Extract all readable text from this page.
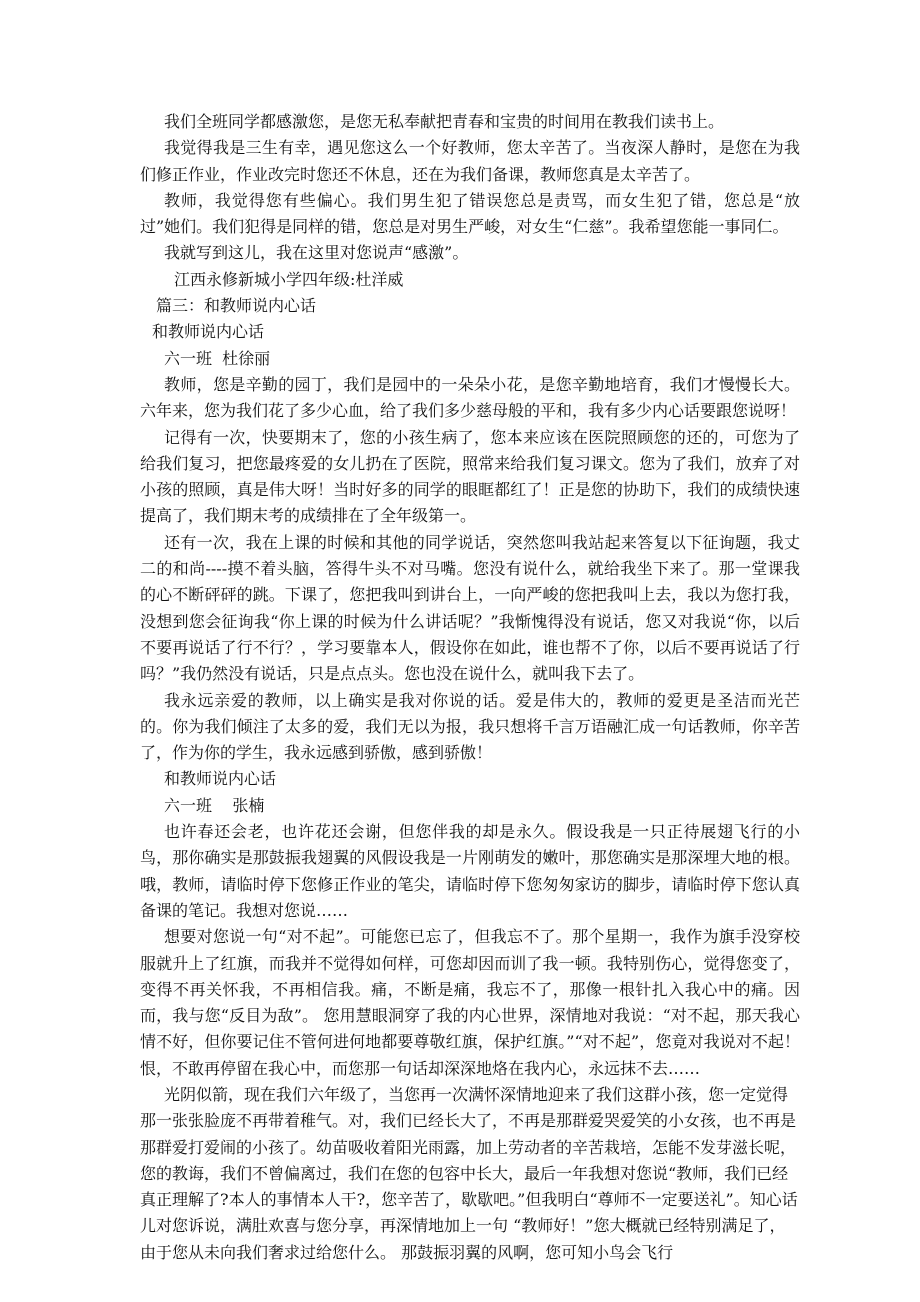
我们全班同学都感激您，是您无私奉献把青春和宝贵的时间用在教我们读书上。

我觉得我是三生有幸，遇见您这么一个好教师，您太辛苦了。当夜深人静时，是您在为我们修正作业，作业改完时您还不休息，还在为我们备课，教师您真是太辛苦了。

教师，我觉得您有些偏心。我们男生犯了错误您总是责骂，而女生犯了错，您总是“放过”她们。我们犯得是同样的错，您总是对男生严峻，对女生“仁慈”。我希望您能一事同仁。

我就写到这儿，我在这里对您说声“感激”。

江西永修新城小学四年级:杜洋威

篇三：和教师说内心话

和教师说内心话

六一班  杜徐丽

教师，您是辛勤的园丁，我们是园中的一朵朵小花，是您辛勤地培育，我们才慢慢长大。六年来，您为我们花了多少心血，给了我们多少慈母般的平和，我有多少内心话要跟您说呀！

记得有一次，快要期末了，您的小孩生病了，您本来应该在医院照顾您的还的，可您为了给我们复习，把您最疼爱的女儿扔在了医院，照常来给我们复习课文。您为了我们，放弃了对小孩的照顾，真是伟大呀！当时好多的同学的眼眶都红了！正是您的协助下，我们的成绩快速提高了，我们期末考的成绩排在了全年级第一。

还有一次，我在上课的时候和其他的同学说话，突然您叫我站起来答复以下征询题，我丈二的和尚----摸不着头脑，答得牛头不对马嘴。您没有说什么，就给我坐下来了。那一堂课我的心不断砰砰的跳。下课了，您把我叫到讲台上，一向严峻的您把我叫上去，我以为您打我，没想到您会征询我“你上课的时候为什么讲话呢？”我惭愧得没有说话，您又对我说“你，以后不要再说话了行不行？，学习要靠本人，假设你在如此，谁也帮不了你，以后不要再说话了行吗？”我仍然没有说话，只是点点头。您也没在说什么，就叫我下去了。

我永远亲爱的教师，以上确实是我对你说的话。爱是伟大的，教师的爱更是圣洁而光芒的。你为我们倾注了太多的爱，我们无以为报，我只想将千言万语融汇成一句话教师，你辛苦了，作为你的学生，我永远感到骄傲，感到骄傲！

和教师说内心话

六一班    张楠

也许春还会老，也许花还会谢，但您伴我的却是永久。假设我是一只正待展翅飞行的小鸟，那你确实是那鼓振我翅翼的风假设我是一片刚萌发的嫩叶，那您确实是那深埋大地的根。哦，教师，请临时停下您修正作业的笔尖，请临时停下您匆匆家访的脚步，请临时停下您认真备课的笔记。我想对您说……

想要对您说一句“对不起”。可能您已忘了，但我忘不了。那个星期一，我作为旗手没穿校服就升上了红旗，而我并不觉得如何样，可您却因而训了我一顿。我特别伤心，觉得您变了，变得不再关怀我，不再相信我。痛，不断是痛，我忘不了，那像一根针扎入我心中的痛。因而，我与您“反目为敌”。 您用慧眼洞穿了我的内心世界，深情地对我说：“对不起，那天我心情不好，但你要记住不管何进何地都要尊敬红旗，保护红旗。”“对不起”，您竟对我说对不起！恨，不敢再停留在我心中，而您那一句话却深深地烙在我内心，永远抹不去……

光阴似箭，现在我们六年级了，当您再一次满怀深情地迎来了我们这群小孩，您一定觉得那一张张脸庞不再带着稚气。对，我们已经长大了，不再是那群爱哭爱笑的小女孩，也不再是那群爱打爱闹的小孩了。幼苗吸收着阳光雨露，加上劳动者的辛苦栽培，怎能不发芽滋长呢，您的教诲，我们不曾偏离过，我们在您的包容中长大，最后一年我想对您说“教师，我们已经真正理解了?本人的事情本人干?，您辛苦了，歇歇吧。”但我明白“尊师不一定要送礼”。知心话儿对您诉说，满肚欢喜与您分享，再深情地加上一句 “教师好！”您大概就已经特别满足了，由于您从未向我们奢求过给您什么。 那鼓振羽翼的风啊，您可知小鸟会飞行
